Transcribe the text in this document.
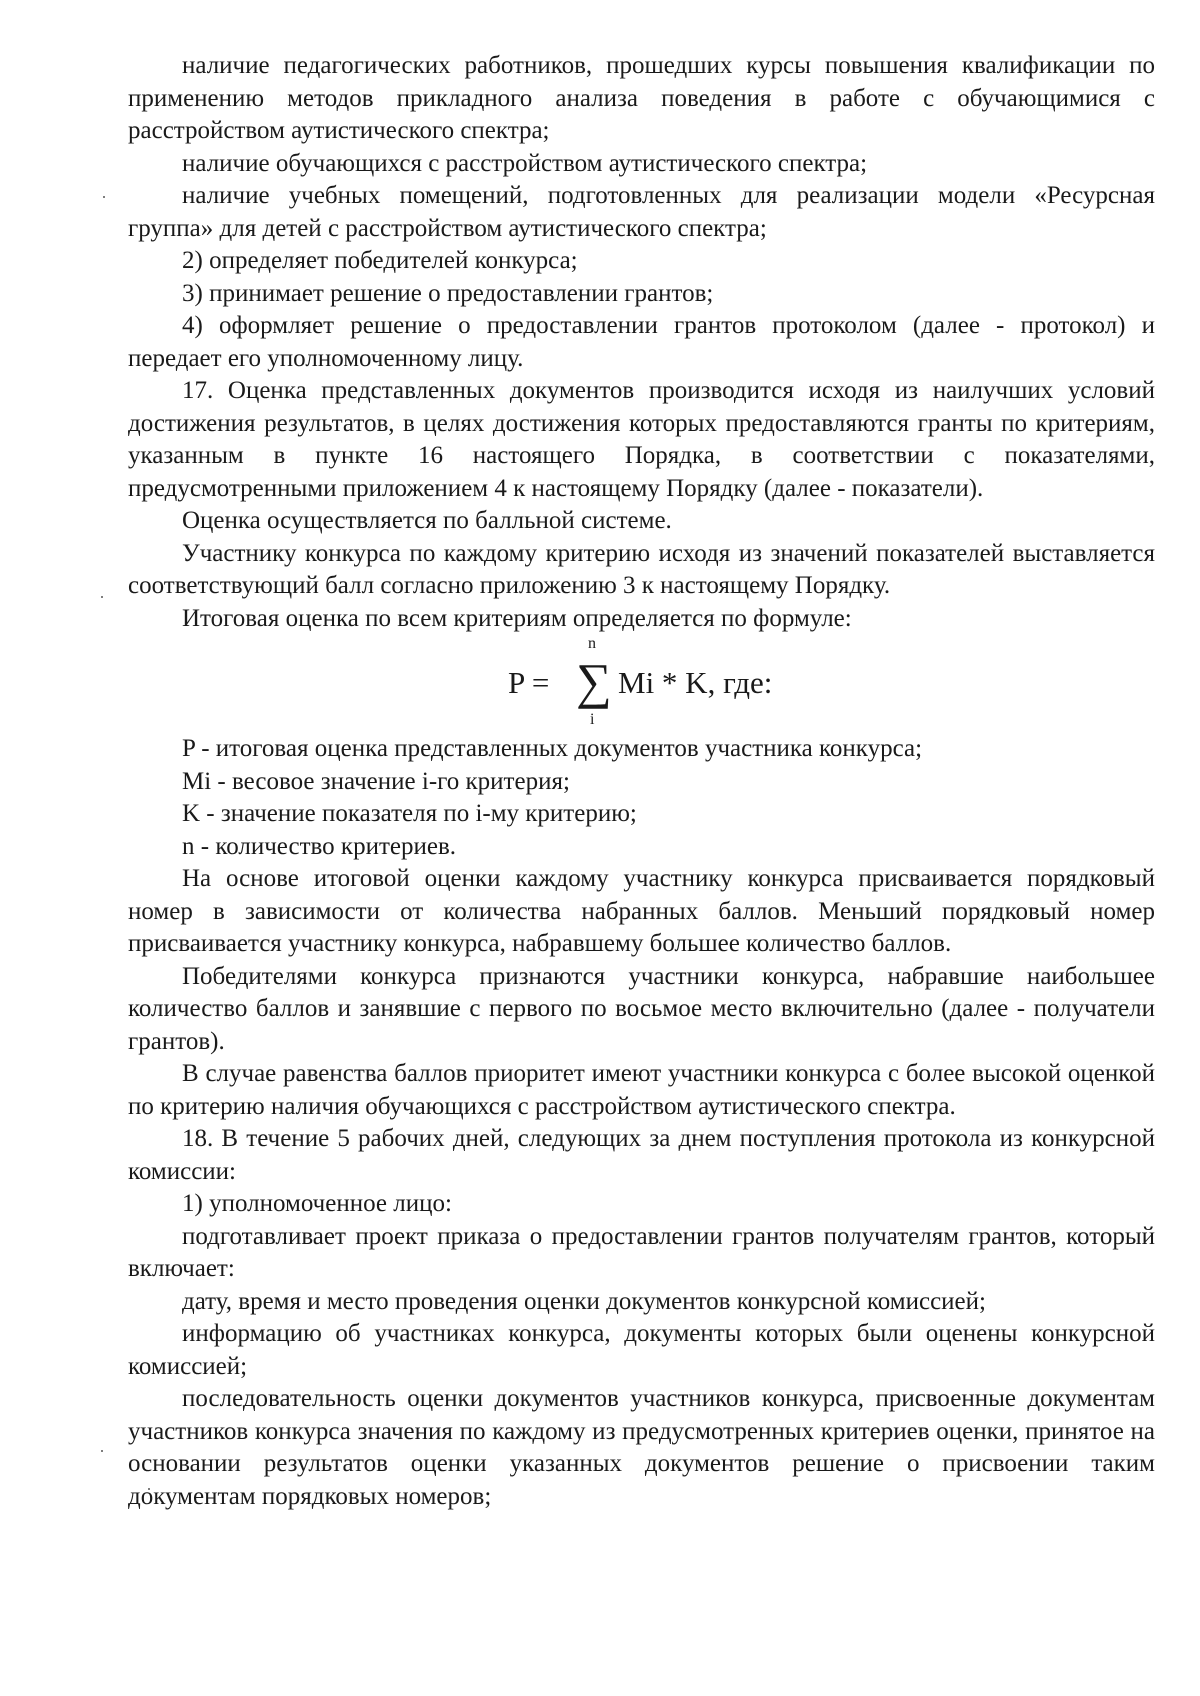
наличие педагогических работников, прошедших курсы повышения квалификации по применению методов прикладного анализа поведения в работе с обучающимися с расстройством аутистического спектра;

наличие обучающихся с расстройством аутистического спектра;

наличие учебных помещений, подготовленных для реализации модели «Ресурсная группа» для детей с расстройством аутистического спектра;

2) определяет победителей конкурса;

3) принимает решение о предоставлении грантов;

4) оформляет решение о предоставлении грантов протоколом (далее - протокол) и передает его уполномоченному лицу.

17. Оценка представленных документов производится исходя из наилучших условий достижения результатов, в целях достижения которых предоставляются гранты по критериям, указанным в пункте 16 настоящего Порядка, в соответствии с показателями, предусмотренными приложением 4 к настоящему Порядку (далее - показатели).

Оценка осуществляется по балльной системе.

Участнику конкурса по каждому критерию исходя из значений показателей выставляется соответствующий балл согласно приложению 3 к настоящему Порядку.

Итоговая оценка по всем критериям определяется по формуле:

P =
n
∑
i
Mi * K, где:

P - итоговая оценка представленных документов участника конкурса;

Mi - весовое значение i-го критерия;

K - значение показателя по i-му критерию;

n - количество критериев.

На основе итоговой оценки каждому участнику конкурса присваивается порядковый номер в зависимости от количества набранных баллов. Меньший порядковый номер присваивается участнику конкурса, набравшему большее количество баллов.

Победителями конкурса признаются участники конкурса, набравшие наибольшее количество баллов и занявшие с первого по восьмое место включительно (далее - получатели грантов).

В случае равенства баллов приоритет имеют участники конкурса с более высокой оценкой по критерию наличия обучающихся с расстройством аутистического спектра.

18. В течение 5 рабочих дней, следующих за днем поступления протокола из конкурсной комиссии:

1) уполномоченное лицо:

подготавливает проект приказа о предоставлении грантов получателям грантов, который включает:

дату, время и место проведения оценки документов конкурсной комиссией;

информацию об участниках конкурса, документы которых были оценены конкурсной комиссией;

последовательность оценки документов участников конкурса, присвоенные документам участников конкурса значения по каждому из предусмотренных критериев оценки, принятое на основании результатов оценки указанных документов решение о присвоении таким документам порядковых номеров;
